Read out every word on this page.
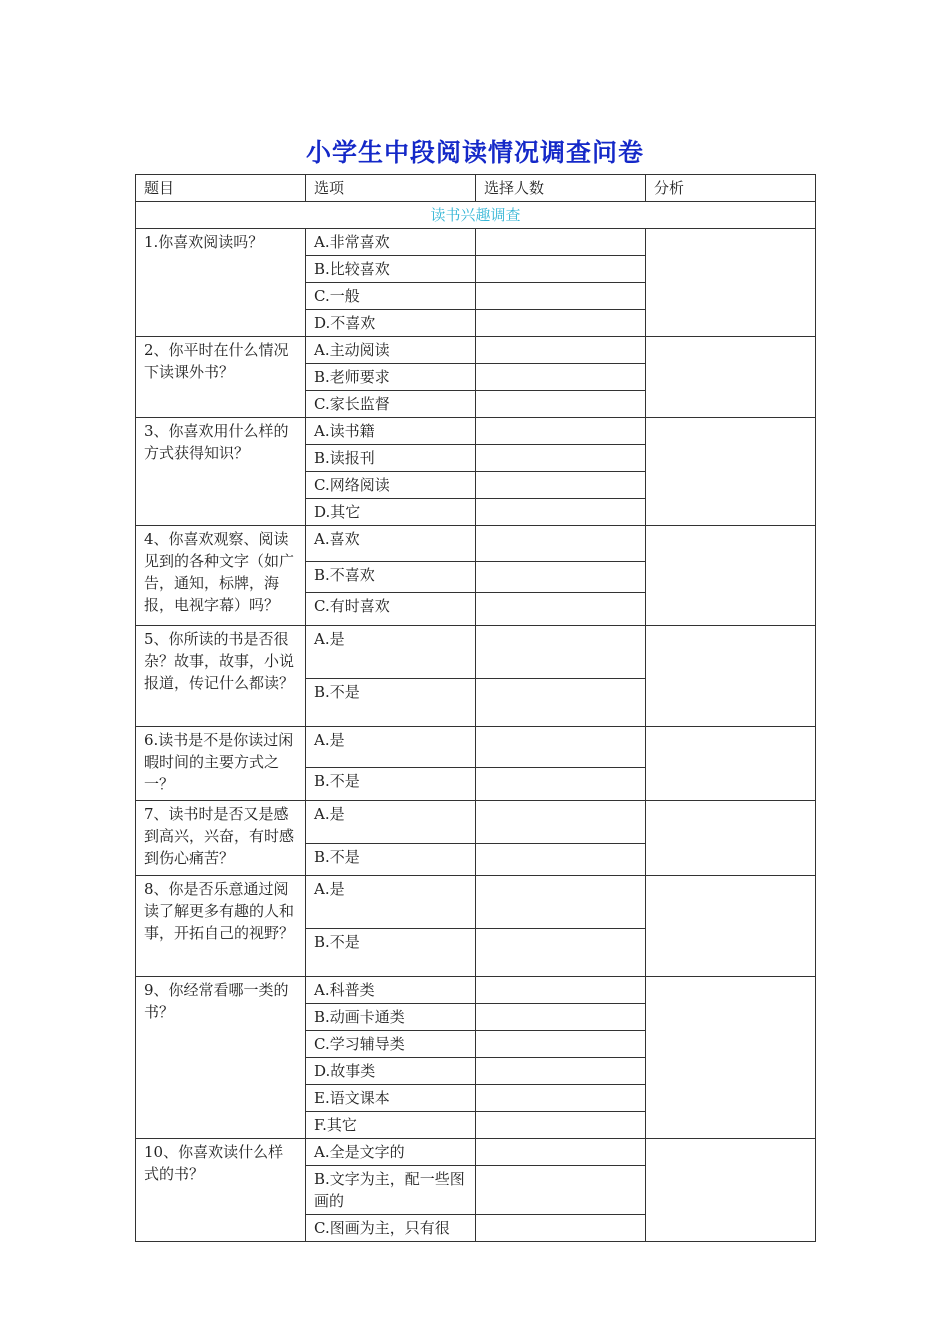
小学生中段阅读情况调查问卷
题目	选项	选择人数	分析
读书兴趣调查			
1.你喜欢阅读吗？	A.非常喜欢		
	B.比较喜欢		
	C.一般		
	D.不喜欢		
2、你平时在什么情况下读课外书？	A.主动阅读		
	B.老师要求		
	C.家长监督		
3、你喜欢用什么样的方式获得知识？	A.读书籍		
	B.读报刊		
	C.网络阅读		
	D.其它		
4、你喜欢观察、阅读见到的各种文字（如广告，通知，标牌，海报，电视字幕）吗？	A.喜欢		
	B.不喜欢		
	C.有时喜欢		
5、你所读的书是否很杂？故事，故事，小说报道，传记什么都读？	A.是		
	B.不是		
6.读书是不是你读过闲暇时间的主要方式之一？	A.是		
	B.不是		
7、读书时是否又是感到高兴，兴奋，有时感到伤心痛苦？	A.是		
	B.不是		
8、你是否乐意通过阅读了解更多有趣的人和事，开拓自己的视野？	A.是		
	B.不是		
9、你经常看哪一类的书？	A.科普类		
	B.动画卡通类		
	C.学习辅导类		
	D.故事类		
	E.语文课本		
	F.其它		
10、你喜欢读什么样式的书？	A.全是文字的		
	B.文字为主，配一些图画的		
	C.图画为主，只有很		
